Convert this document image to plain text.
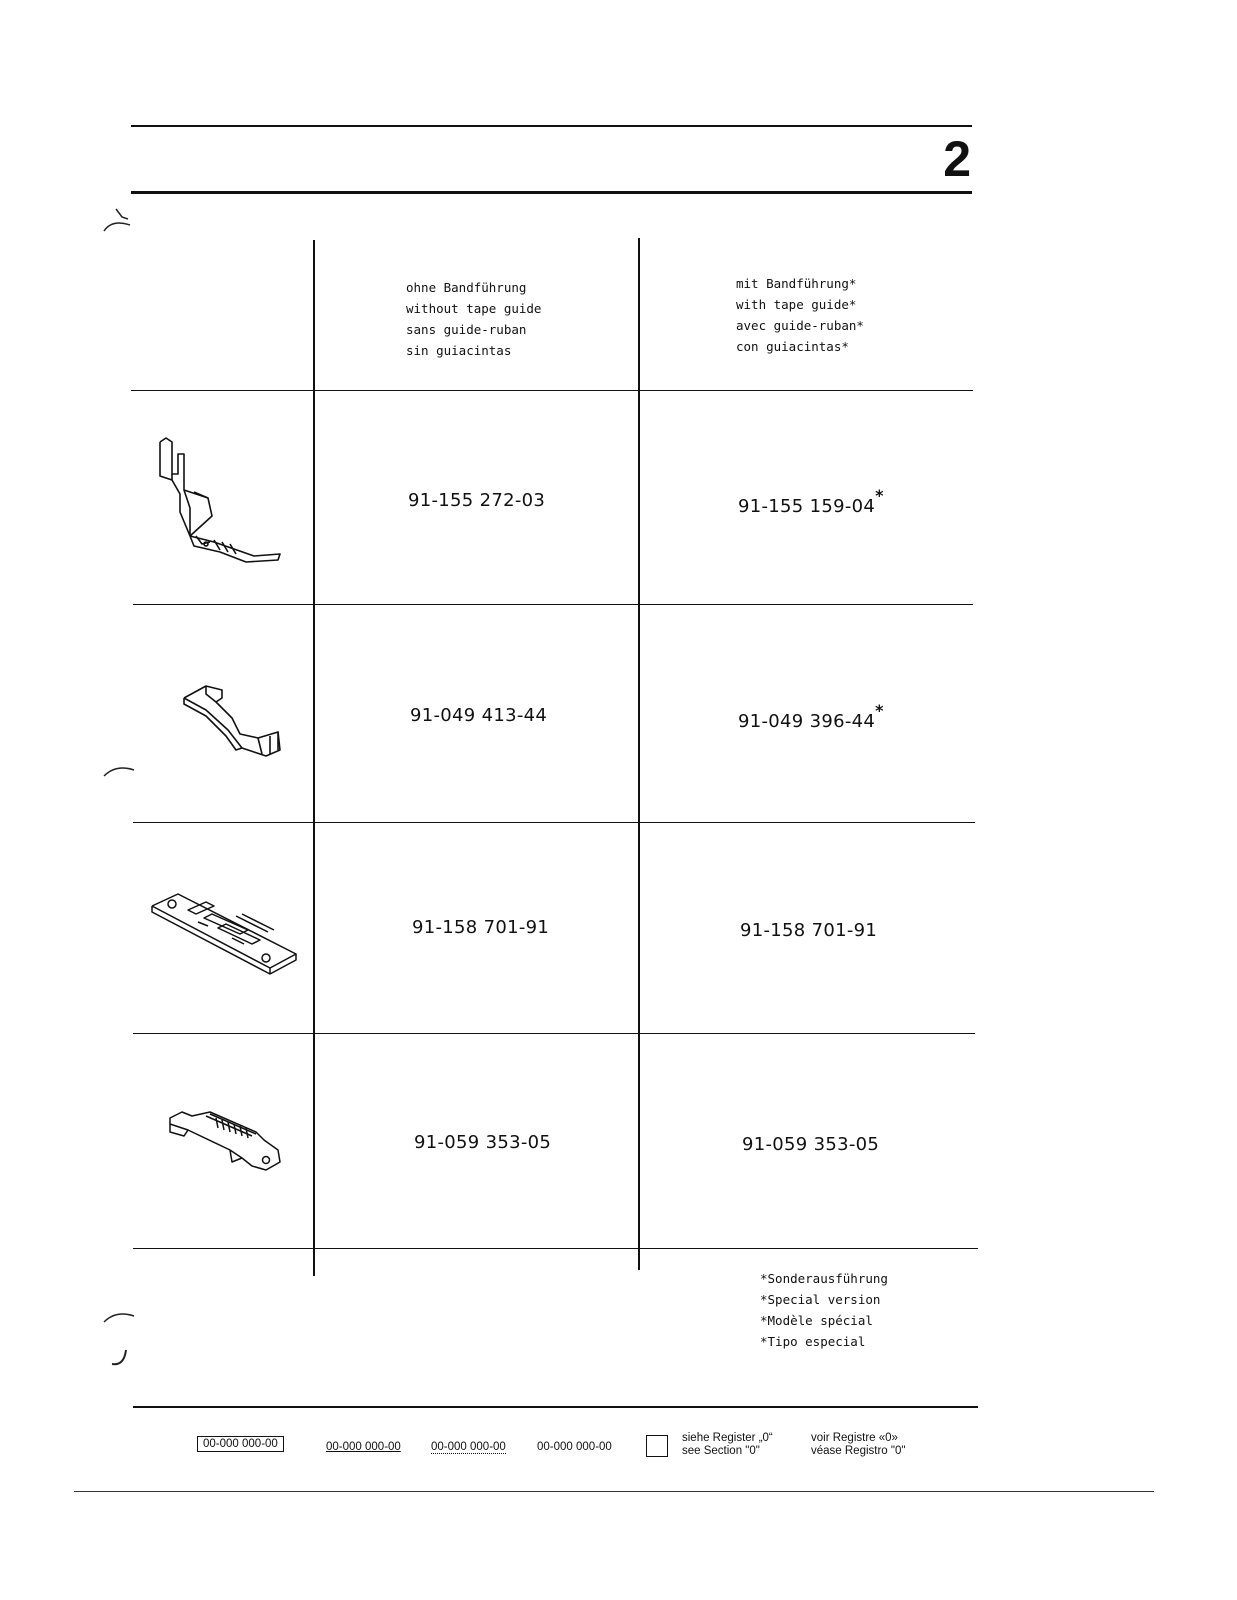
2
ohne Bandführung
without tape guide
sans guide-ruban
sin guiacintas
mit Bandführung*
with tape guide*
avec guide-ruban*
con guiacintas*
91-155 272-03	91-155 159-04*
91-049 413-44	91-049 396-44*
91-158 701-91	91-158 701-91
91-059 353-05	91-059 353-05
*Sonderausführung
*Special version
*Modèle spécial
*Tipo especial
00-000 000-00	00-000 000-00	00-000 000-00	00-000 000-00
siehe Register „0“
see Section "0"
voir Registre «0»
véase Registro "0"
